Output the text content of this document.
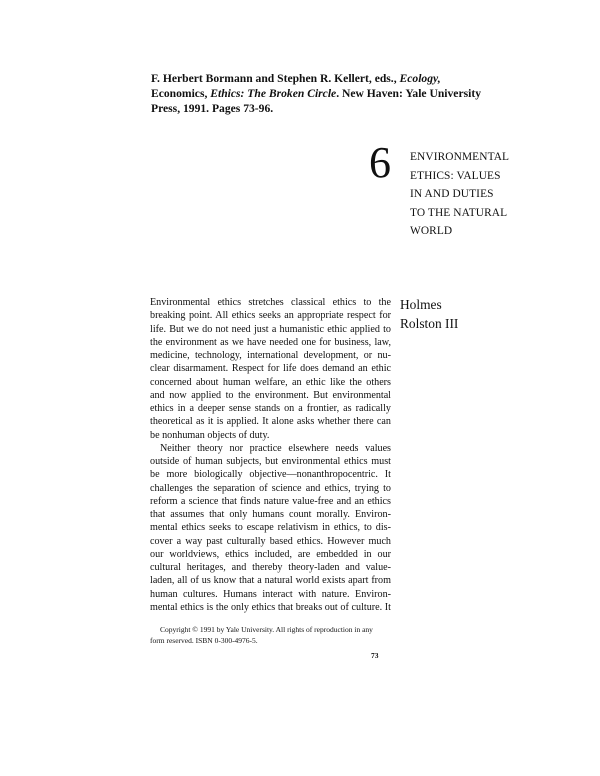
F. Herbert Bormann and Stephen R. Kellert, eds., Ecology,
Economics, Ethics: The Broken Circle. New Haven: Yale University
Press, 1991. Pages 73-96.
6 ENVIRONMENTAL
ETHICS: VALUES
IN AND DUTIES
TO THE NATURAL
WORLD
Holmes
Rolston III
Environmental ethics stretches classical ethics to the
breaking point. All ethics seeks an appropriate respect for
life. But we do not need just a humanistic ethic applied to
the environment as we have needed one for business, law,
medicine, technology, international development, or nu-
clear disarmament. Respect for life does demand an ethic
concerned about human welfare, an ethic like the others
and now applied to the environment. But environmental
ethics in a deeper sense stands on a frontier, as radically
theoretical as it is applied. It alone asks whether there can
be nonhuman objects of duty.
Neither theory nor practice elsewhere needs values
outside of human subjects, but environmental ethics must
be more biologically objective—nonanthropocentric. It
challenges the separation of science and ethics, trying to
reform a science that finds nature value-free and an ethics
that assumes that only humans count morally. Environ-
mental ethics seeks to escape relativism in ethics, to dis-
cover a way past culturally based ethics. However much
our worldviews, ethics included, are embedded in our
cultural heritages, and thereby theory-laden and value-
laden, all of us know that a natural world exists apart from
human cultures. Humans interact with nature. Environ-
mental ethics is the only ethics that breaks out of culture. It
Copyright © 1991 by Yale University. All rights of reproduction in any
form reserved. ISBN 0-300-4976-5.
73
